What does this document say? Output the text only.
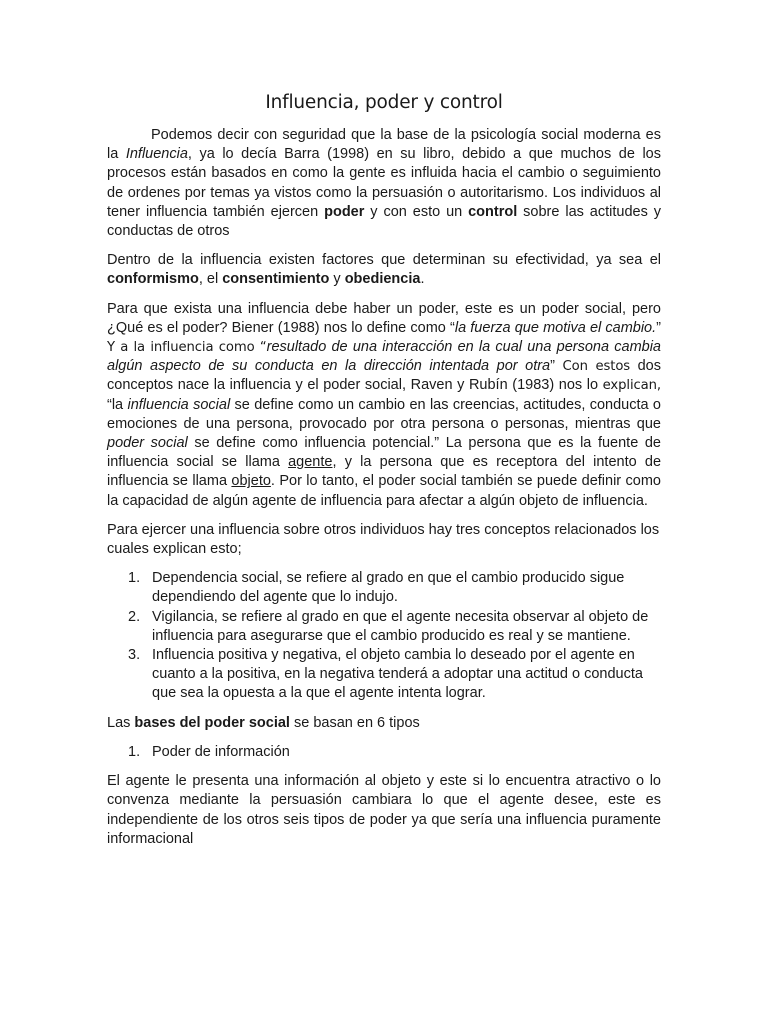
Influencia, poder y control

Podemos decir con seguridad que la base de la psicología social moderna es la Influencia, ya lo decía Barra (1998) en su libro, debido a que muchos de los procesos están basados en como la gente es influida hacia el cambio o seguimiento de ordenes por temas ya vistos como la persuasión o autoritarismo. Los individuos al tener influencia también ejercen poder y con esto un control sobre las actitudes y conductas de otros

Dentro de la influencia existen factores que determinan su efectividad, ya sea el conformismo, el consentimiento y obediencia.

Para que exista una influencia debe haber un poder, este es un poder social, pero ¿Qué es el poder? Biener (1988) nos lo define como “la fuerza que motiva el cambio.” Y a la influencia como “resultado de una interacción en la cual una persona cambia algún aspecto de su conducta en la dirección intentada por otra” Con estos dos conceptos nace la influencia y el poder social, Raven y Rubín (1983) nos lo explican, “la influencia social se define como un cambio en las creencias, actitudes, conducta o emociones de una persona, provocado por otra persona o personas, mientras que poder social se define como influencia potencial.” La persona que es la fuente de influencia social se llama agente, y la persona que es receptora del intento de influencia se llama objeto. Por lo tanto, el poder social también se puede definir como la capacidad de algún agente de influencia para afectar a algún objeto de influencia.

Para ejercer una influencia sobre otros individuos hay tres conceptos relacionados los cuales explican esto;

1. Dependencia social, se refiere al grado en que el cambio producido sigue dependiendo del agente que lo indujo.
2. Vigilancia, se refiere al grado en que el agente necesita observar al objeto de influencia para asegurarse que el cambio producido es real y se mantiene.
3. Influencia positiva y negativa, el objeto cambia lo deseado por el agente en cuanto a la positiva, en la negativa tenderá a adoptar una actitud o conducta que sea la opuesta a la que el agente intenta lograr.

Las bases del poder social se basan en 6 tipos

1. Poder de información

El agente le presenta una información al objeto y este si lo encuentra atractivo o lo convenza mediante la persuasión cambiara lo que el agente desee, este es independiente de los otros seis tipos de poder ya que sería una influencia puramente informacional
